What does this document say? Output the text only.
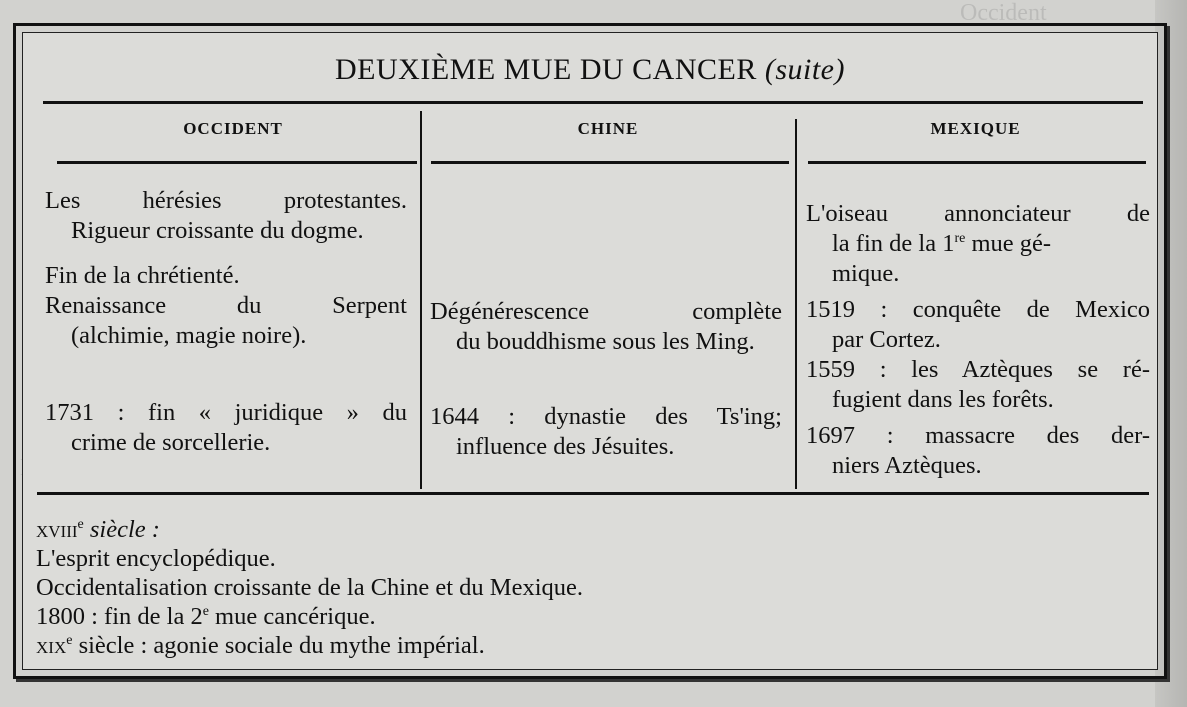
Occident
DEUXIÈME MUE DU CANCER (suite)
OCCIDENT	CHINE	MEXIQUE

Les hérésies protestantes.
Rigueur croissante du dogme.

Fin de la chrétienté.

Renaissance du Serpent
(alchimie, magie noire).

1731 : fin « juridique » du
crime de sorcellerie.

Dégénérescence complète
du bouddhisme sous les Ming.

1644 : dynastie des Ts'ing;
influence des Jésuites.

L'oiseau annonciateur de
la fin de la 1re mue gé-
mique.

1519 : conquête de Mexico
par Cortez.

1559 : les Aztèques se ré-
fugient dans les forêts.

1697 : massacre des der-
niers Aztèques.

xviii$^e$ siècle :

L'esprit encyclopédique.

Occidentalisation croissante de la Chine et du Mexique.

1800 : fin de la 2e mue cancérique.

xix$^e$ siècle : agonie sociale du mythe impérial.
